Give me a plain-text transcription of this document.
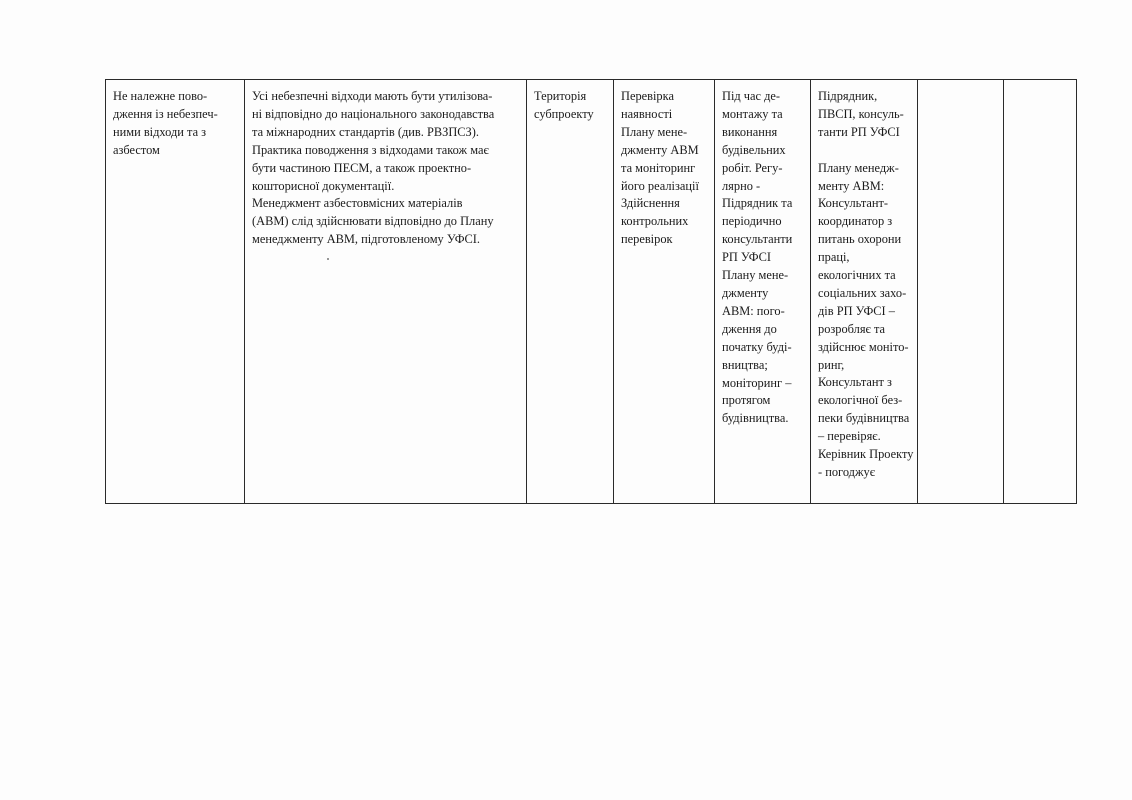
Не належне пово-
дження із небезпеч-
ними відходи та з
азбестом

Усі небезпечні відходи мають бути утилізова-
ні відповідно до національного законодавства
та міжнародних стандартів (див. РВЗПСЗ).
Практика поводження з відходами також має
бути частиною ПЕСМ, а також проектно-
кошторисної документації.
Менеджмент азбестовмісних матеріалів
(АВМ) слід здійснювати відповідно до Плану
менеджменту АВМ, підготовленому УФСІ.

Територія
субпроекту

Перевірка
наявності
Плану мене-
джменту АВМ
та моніторинг
його реалізації
Здійснення
контрольних
перевірок

Під час де-
монтажу та
виконання
будівельних
робіт. Регу-
лярно -
Підрядник та
періодично
консультанти
РП УФСІ
Плану мене-
джменту
АВМ: пого-
дження до
початку буді-
вництва;
моніторинг –
протягом
будівництва.

Підрядник,
ПВСП, консуль-
танти РП УФСІ
Плану менедж-
менту АВМ:
Консультант-
координатор з
питань охорони
праці,
екологічних та
соціальних захо-
дів РП УФСІ –
розробляє та
здійснює моніто-
ринг,
Консультант з
екологічної без-
пеки будівництва
– перевіряє.
Керівник Проекту
- погоджує
